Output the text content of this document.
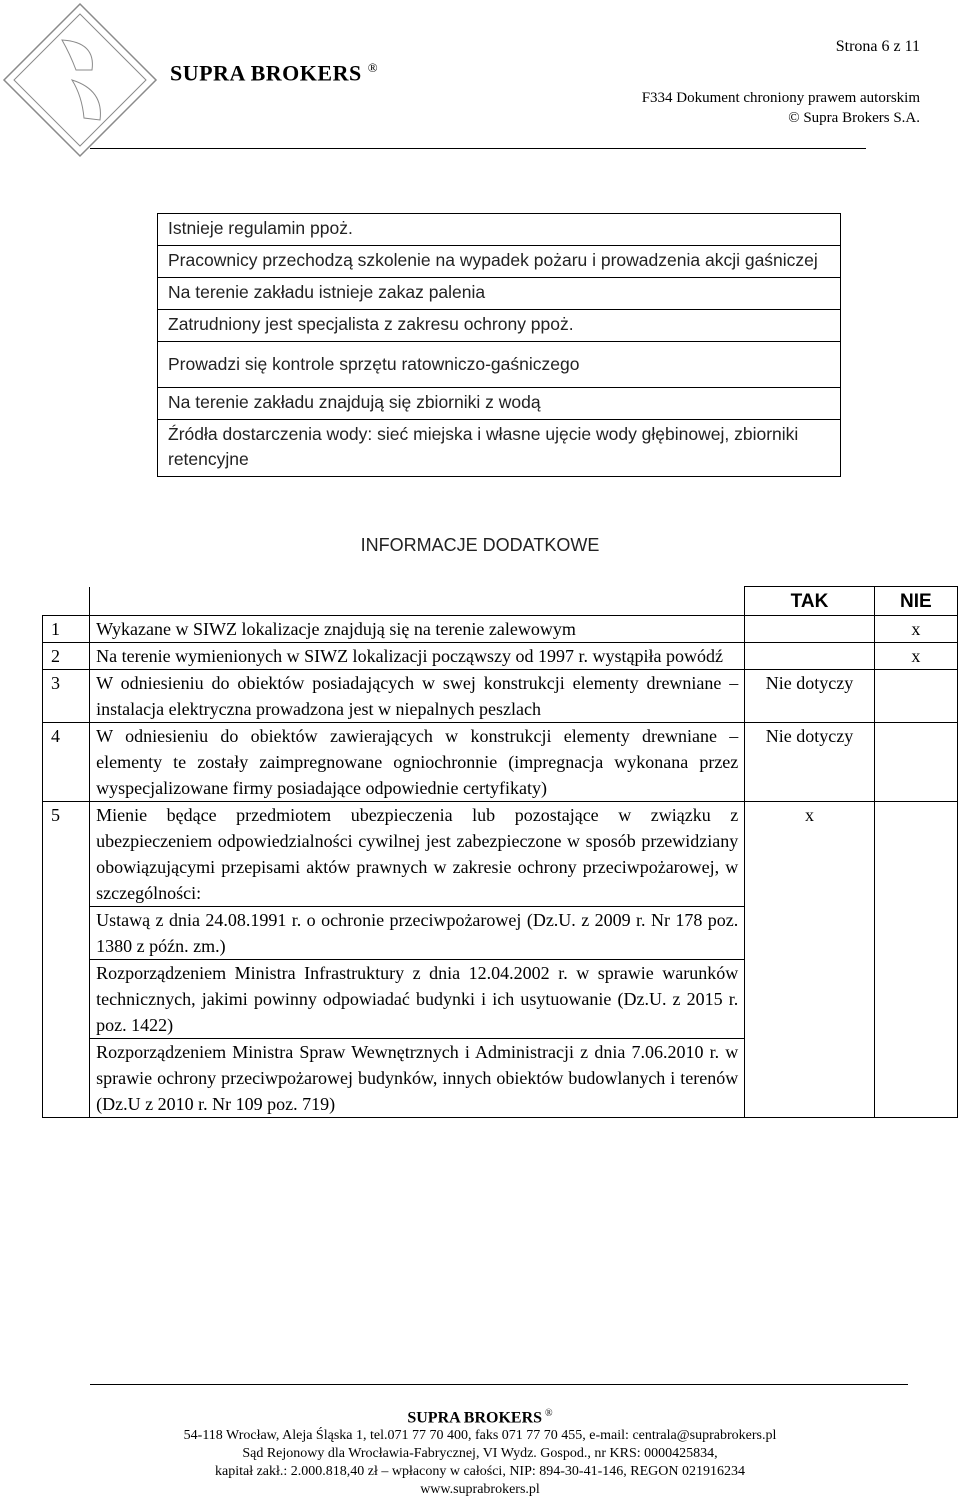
SUPRA BROKERS ®
Strona 6 z 11
F334 Dokument chroniony prawem autorskim
© Supra Brokers S.A.
Istnieje regulamin ppoż.
Pracownicy przechodzą szkolenie na wypadek pożaru i prowadzenia akcji gaśniczej
Na terenie zakładu istnieje zakaz palenia
Zatrudniony jest specjalista z zakresu ochrony ppoż.
Prowadzi się kontrole sprzętu ratowniczo-gaśniczego
Na terenie zakładu znajdują się zbiorniki z wodą
Źródła dostarczenia wody: sieć miejska i własne ujęcie wody głębinowej, zbiorniki retencyjne
INFORMACJE DODATKOWE
		TAK	NIE
1	Wykazane w SIWZ lokalizacje znajdują się na terenie zalewowym		x
2	Na terenie wymienionych w SIWZ lokalizacji począwszy od 1997 r. wystąpiła powódź		x
3	W odniesieniu do obiektów posiadających w swej konstrukcji elementy drewniane – instalacja elektryczna prowadzona jest w niepalnych peszlach	Nie dotyczy	
4	W odniesieniu do obiektów zawierających w konstrukcji elementy drewniane – elementy te zostały zaimpregnowane ogniochronnie (impregnacja wykonana przez wyspecjalizowane firmy posiadające odpowiednie certyfikaty)	Nie dotyczy	
5	Mienie będące przedmiotem ubezpieczenia lub pozostające w związku z ubezpieczeniem odpowiedzialności cywilnej jest zabezpieczone w sposób przewidziany obowiązującymi przepisami aktów prawnych w zakresie ochrony przeciwpożarowej, w szczególności:
Ustawą z dnia 24.08.1991 r. o ochronie przeciwpożarowej (Dz.U. z 2009 r. Nr 178 poz. 1380 z późn. zm.)
Rozporządzeniem Ministra Infrastruktury z dnia 12.04.2002 r. w sprawie warunków technicznych, jakimi powinny odpowiadać budynki i ich usytuowanie (Dz.U. z 2015 r. poz. 1422)
Rozporządzeniem Ministra Spraw Wewnętrznych i Administracji z dnia 7.06.2010 r. w sprawie ochrony przeciwpożarowej budynków, innych obiektów budowlanych i terenów (Dz.U z 2010 r. Nr 109 poz. 719)	x	
SUPRA BROKERS ®
54-118 Wrocław, Aleja Śląska 1, tel.071 77 70 400, faks 071 77 70 455, e-mail: centrala@suprabrokers.pl
Sąd Rejonowy dla Wrocławia-Fabrycznej, VI Wydz. Gospod., nr KRS: 0000425834,
kapitał zakł.: 2.000.818,40 zł – wpłacony w całości, NIP: 894-30-41-146, REGON 021916234
www.suprabrokers.pl
